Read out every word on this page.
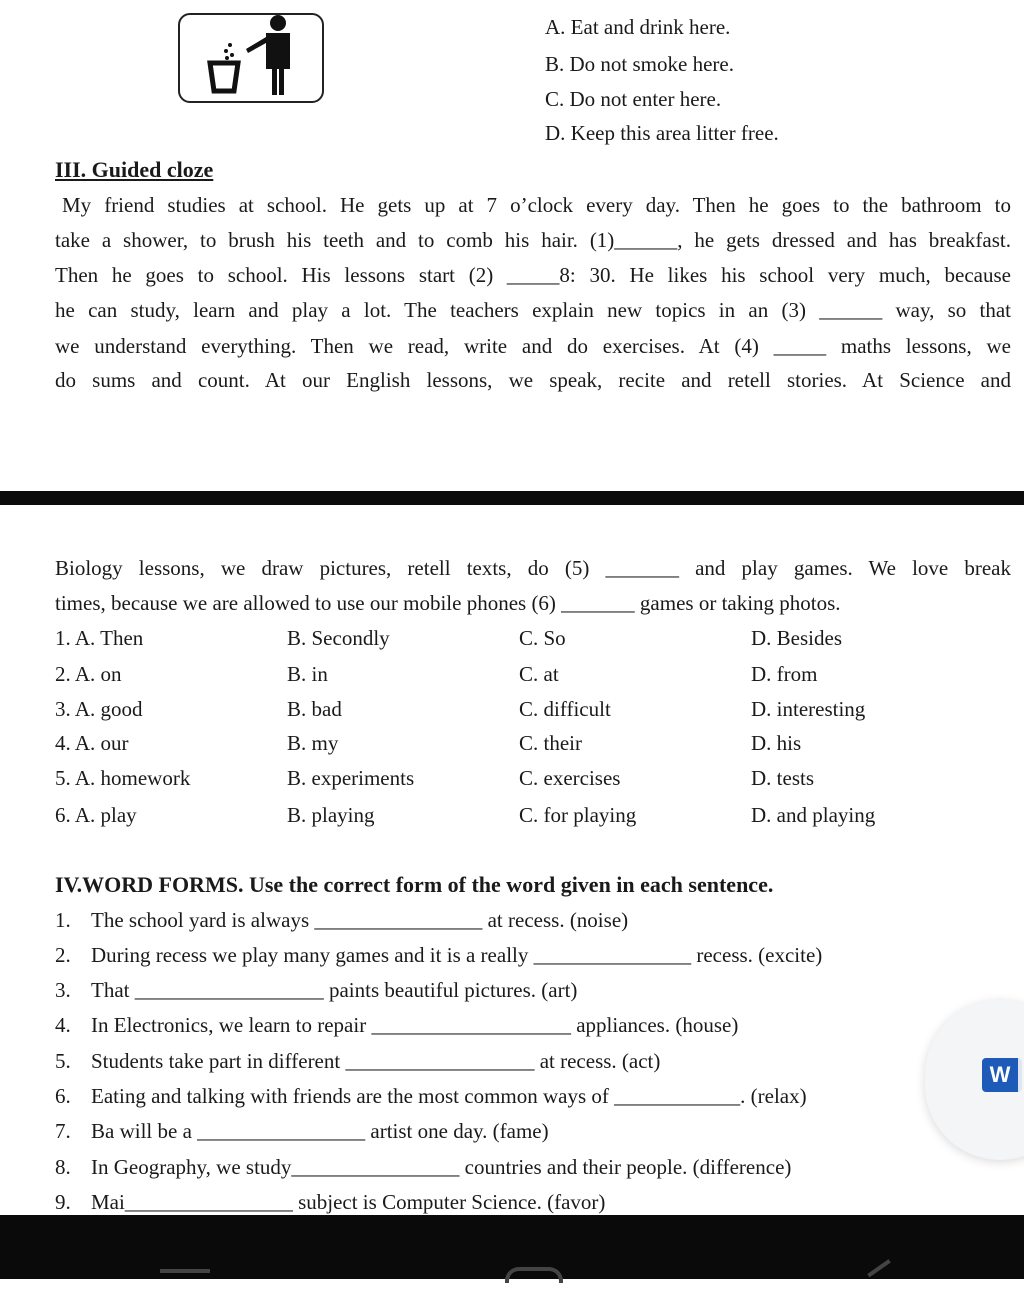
A. Eat and drink here.
B. Do not smoke here.
C. Do not enter here.
D. Keep this area litter free.
III. Guided cloze
My friend studies at school. He gets up at 7 o’clock every day. Then he goes to the bathroom to
take a shower, to brush his teeth and to comb his hair. (1)______, he gets dressed and has breakfast.
Then he goes to school. His lessons start (2) _____8: 30. He likes his school very much, because
he can study, learn and play a lot. The teachers explain new topics in an (3) ______ way, so that
we understand everything. Then we read, write and do exercises. At (4) _____ maths lessons, we
do sums and count. At our English lessons, we speak, recite and retell stories. At Science and
Biology lessons, we draw pictures, retell texts, do (5) _______ and play games. We love break
times, because we are allowed to use our mobile phones (6) _______ games or taking photos.
1. A. Then	B. Secondly	C. So	D. Besides
2. A. on	B. in	C. at	D. from
3. A. good	B. bad	C. difficult	D. interesting
4. A. our	B. my	C. their	D. his
5. A. homework	B. experiments	C. exercises	D. tests
6. A. play	B. playing	C. for playing	D. and playing
IV.WORD FORMS. Use the correct form of the word given in each sentence.
1. The school yard is always ________________ at recess. (noise)
2. During recess we play many games and it is a really _______________ recess. (excite)
3. That __________________ paints beautiful pictures. (art)
4. In Electronics, we learn to repair ___________________ appliances. (house)
5. Students take part in different __________________ at recess. (act)
6. Eating and talking with friends are the most common ways of ____________. (relax)
7. Ba will be a ________________ artist one day. (fame)
8. In Geography, we study________________ countries and their people. (difference)
9. Mai________________ subject is Computer Science. (favor)
W
